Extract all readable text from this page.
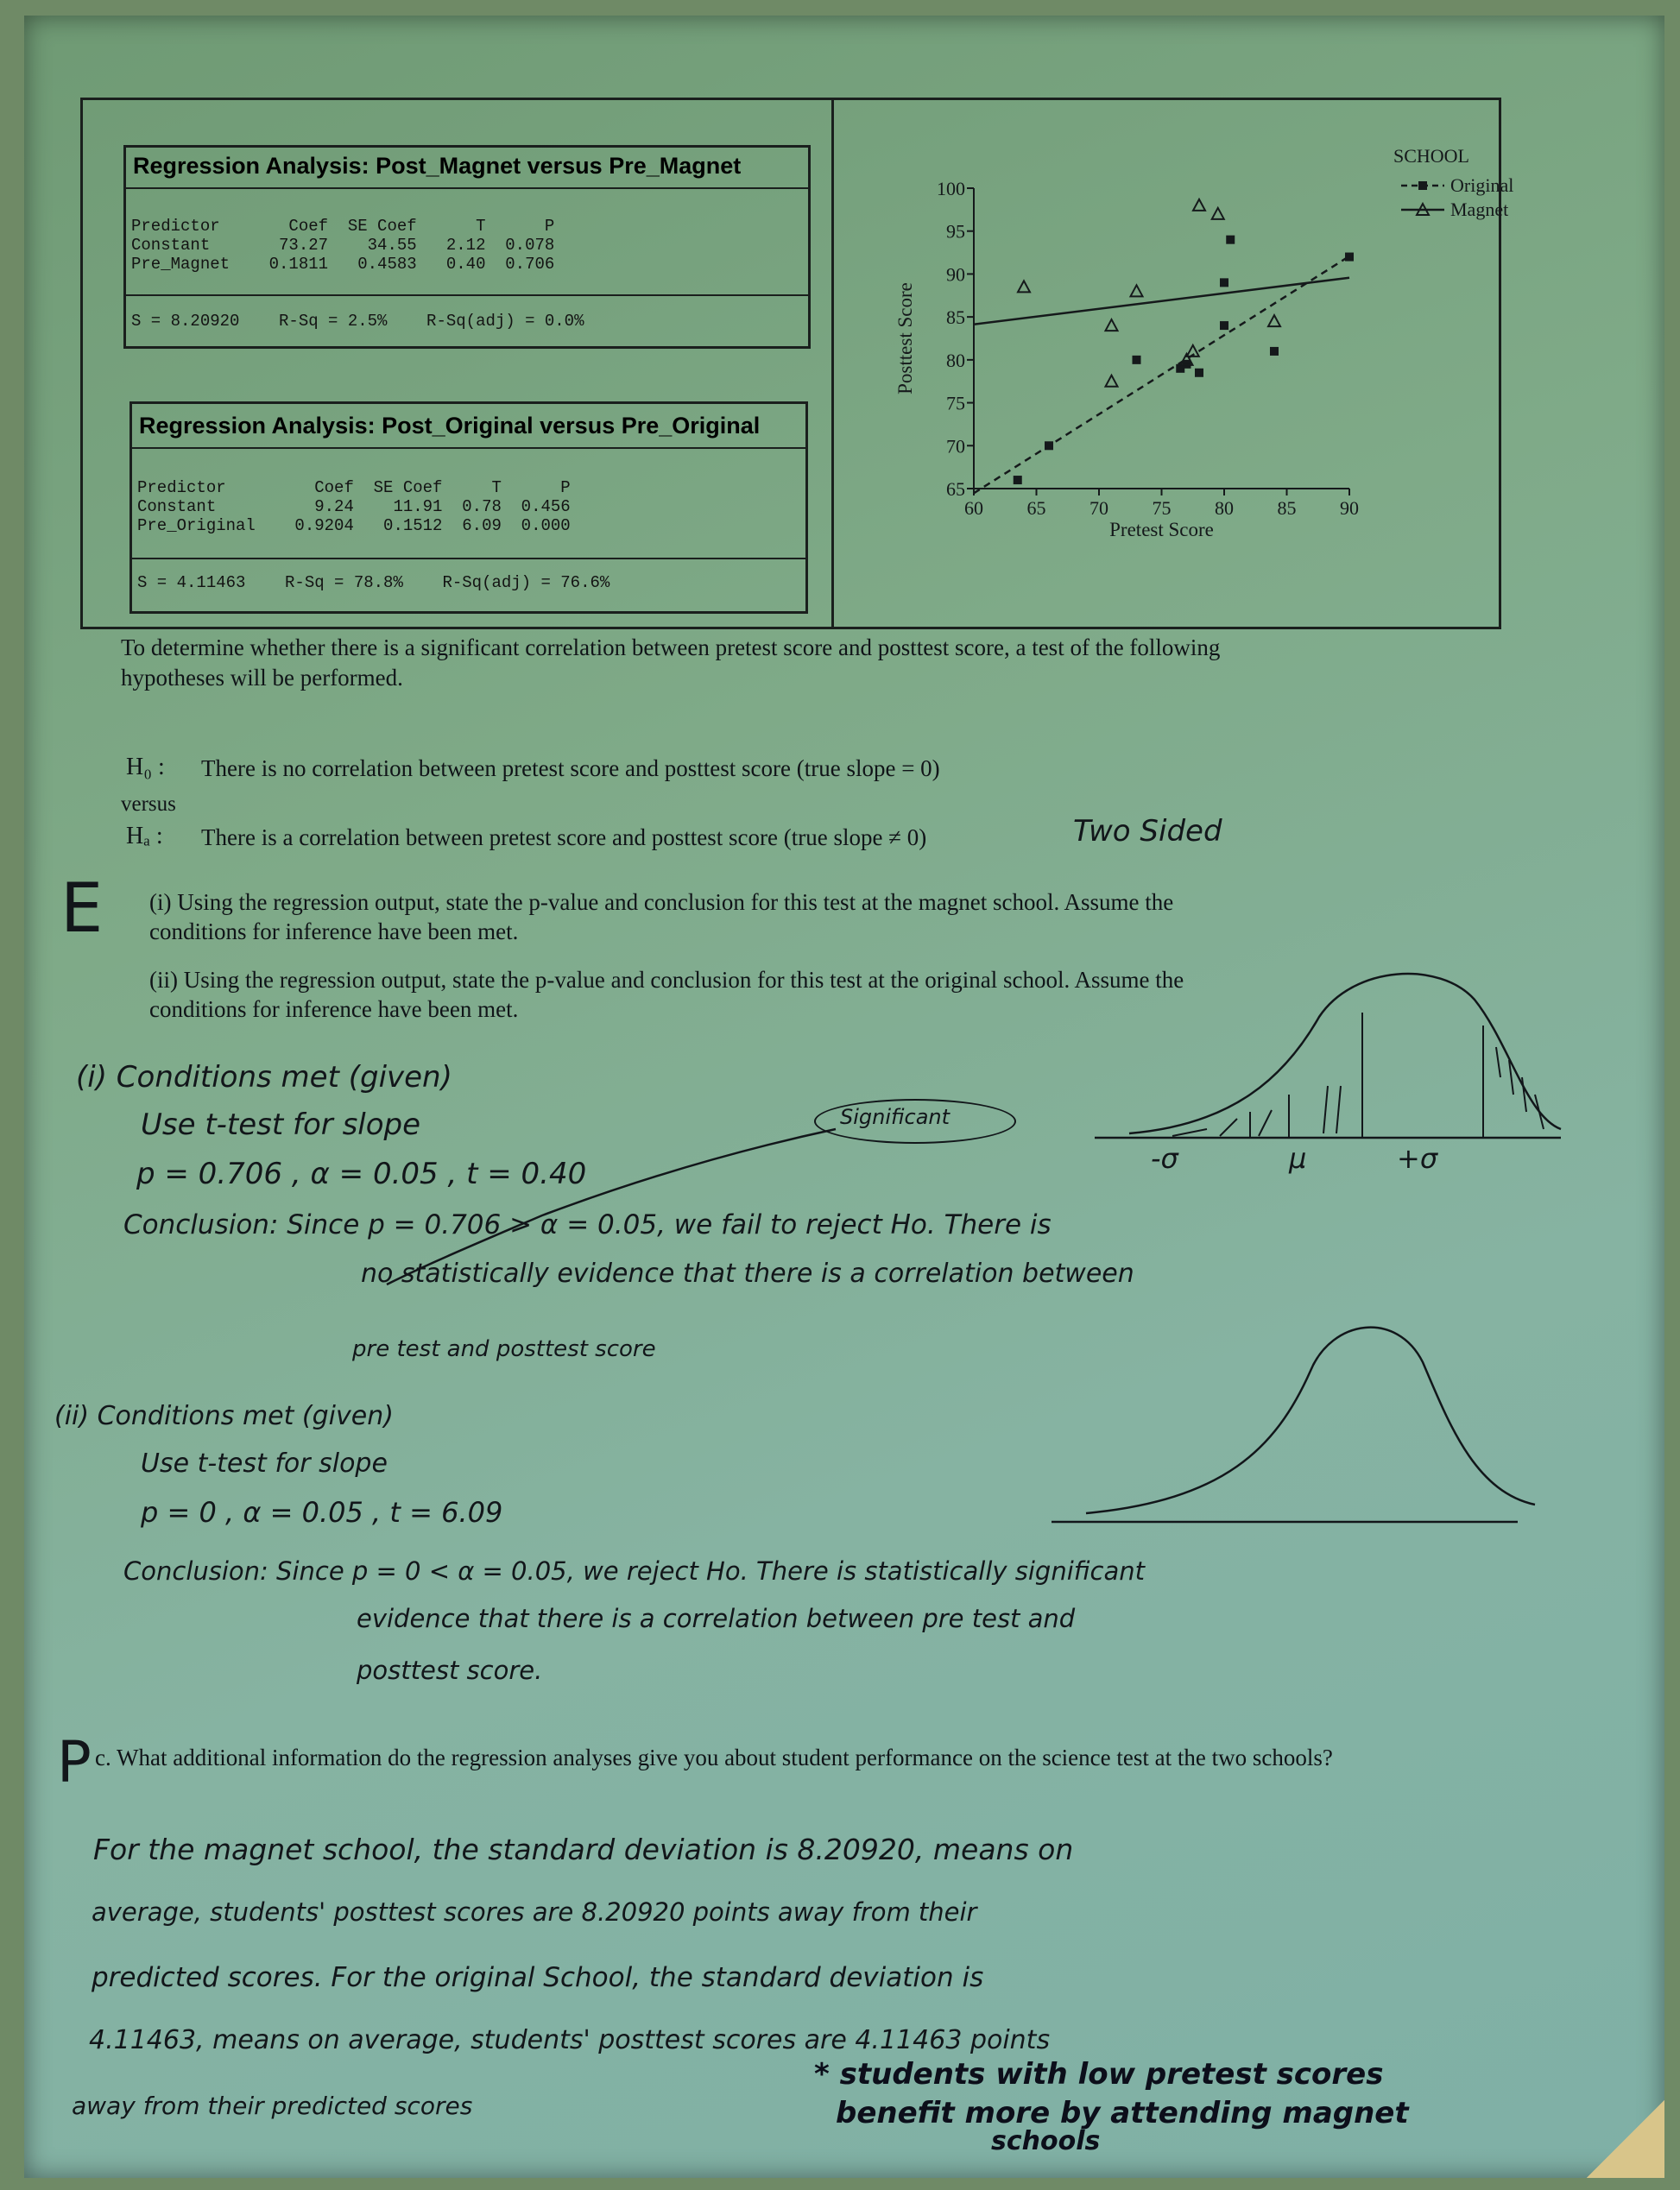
Regression Analysis: Post_Magnet versus Pre_Magnet
Predictor       Coef  SE Coef      T      P
Constant       73.27    34.55   2.12  0.078
Pre_Magnet    0.1811   0.4583   0.40  0.706
S = 8.20920    R-Sq = 2.5%    R-Sq(adj) = 0.0%
Regression Analysis: Post_Original versus Pre_Original
Predictor         Coef  SE Coef     T      P
Constant          9.24    11.91  0.78  0.456
Pre_Original    0.9204   0.1512  6.09  0.000
S = 4.11463    R-Sq = 78.8%    R-Sq(adj) = 76.6%
65
70
75
80
85
90
95
100
60 65 70 75 80 85 90
Pretest Score
Posttest Score
SCHOOL
Original
Magnet
To determine whether there is a significant correlation between pretest score and posttest score, a test of the following hypotheses will be performed.
H₀ : There is no correlation between pretest score and posttest score (true slope = 0)
versus
Hₐ : There is a correlation between pretest score and posttest score (true slope ≠ 0)	Two Sided
E (i) Using the regression output, state the p-value and conclusion for this test at the magnet school. Assume the conditions for inference have been met.
(ii) Using the regression output, state the p-value and conclusion for this test at the original school. Assume the conditions for inference have been met.
(i) Conditions met (given)
Use t-test for slope
p = 0.706 , α = 0.05 , t = 0.40
Conclusion: Since p = 0.706 > α = 0.05, we fail to reject Ho. There is
no statistically evidence that there is a correlation between
pre test and posttest score
Significant
-σ	μ	+σ
(ii) Conditions met (given)
Use t-test for slope
p = 0 , α = 0.05 , t = 6.09
Conclusion: Since p = 0 < α = 0.05, we reject Ho. There is statistically significant
evidence that there is a correlation between pre test and
posttest score.
P c. What additional information do the regression analyses give you about student performance on the science test at the two schools?
For the magnet school, the standard deviation is 8.20920, means on
average, students' posttest scores are 8.20920 points away from their
predicted scores. For the original School, the standard deviation is
4.11463, means on average, students' posttest scores are 4.11463 points
away from their predicted scores
* students with low pretest scores
benefit more by attending magnet
schools
